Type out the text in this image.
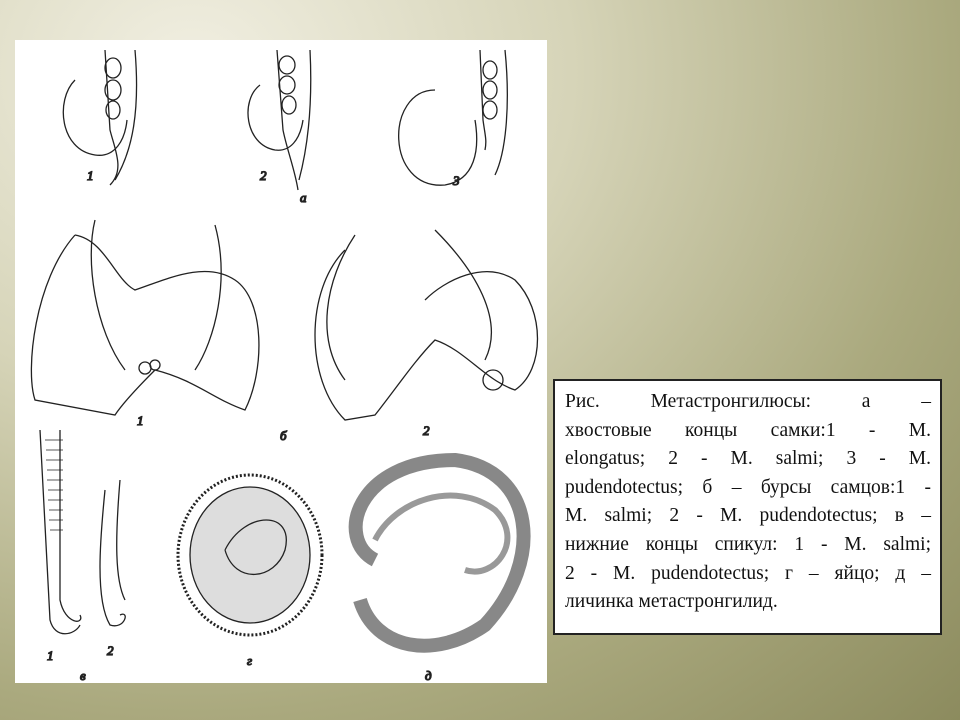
1	2	3
а
1
б	2
1	2
в
г
д
Рис. Метастронгилюсы: а –
хвостовые концы самки:1 - М.
elongatus; 2 - M. salmi; 3 - M.
pudendotectus; б – бурсы самцов:1 -
M. salmi; 2 - M. pudendotectus; в –
нижние концы спикул: 1 - M. salmi;
2 - M. pudendotectus; г – яйцо; д –
личинка метастронгилид.
